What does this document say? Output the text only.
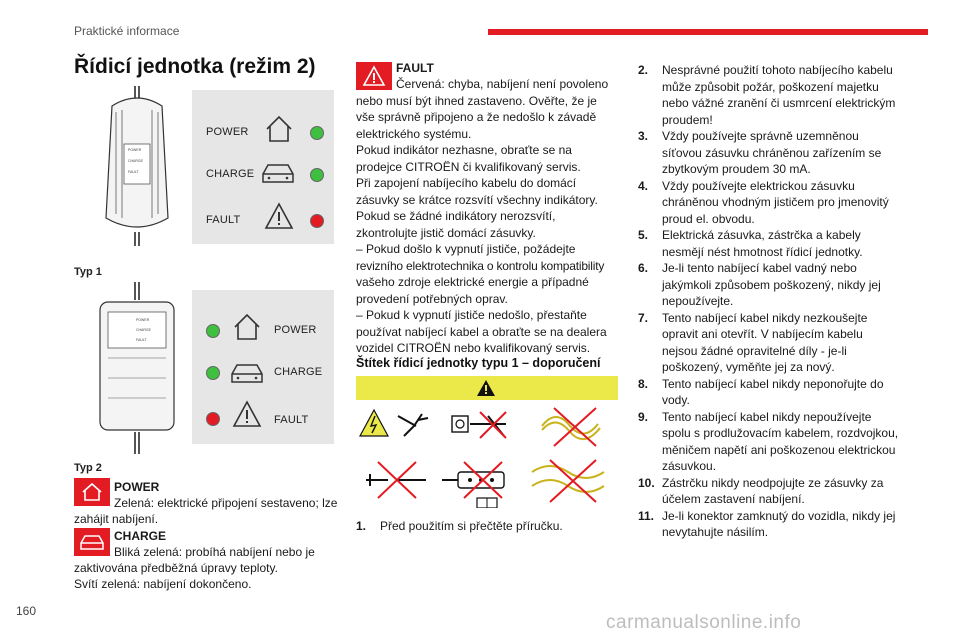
Praktické informace
Řídicí jednotka (režim 2)
POWER
CHARGE
FAULT
POWER
CHARGE
FAULT
Typ 1
POWER
CHARGE
FAULT
POWER
CHARGE
FAULT
Typ 2
POWER
Zelená: elektrické připojení sestaveno; lze
zahájit nabíjení.
CHARGE
Bliká zelená: probíhá nabíjení nebo je
zaktivována předběžná úpravy teploty.
Svítí zelená: nabíjení dokončeno.
FAULT
Červená: chyba, nabíjení není povoleno
nebo musí být ihned zastaveno. Ověřte, že je
vše správně připojeno a že nedošlo k závadě
elektrického systému.
Pokud indikátor nezhasne, obraťte se na
prodejce CITROËN či kvalifikovaný servis.
Při zapojení nabíjecího kabelu do domácí
zásuvky se krátce rozsvítí všechny indikátory.
Pokud se žádné indikátory nerozsvítí,
zkontrolujte jistič domácí zásuvky.
– Pokud došlo k vypnutí jističe, požádejte
revizního elektrotechnika o kontrolu kompatibility
vašeho zdroje elektrické energie a případné
provedení potřebných oprav.
– Pokud k vypnutí jističe nedošlo, přestaňte
používat nabíjecí kabel a obraťte se na dealera
vozidel CITROËN nebo kvalifikovaný servis.
Štítek řídicí jednotky typu 1 – doporučení
1.	Před použitím si přečtěte příručku.
2.	Nesprávné použití tohoto nabíjecího kabelu
může způsobit požár, poškození majetku
nebo vážné zranění či usmrcení elektrickým
proudem!
3.	Vždy používejte správně uzemněnou
síťovou zásuvku chráněnou zařízením se
zbytkovým proudem 30 mA.
4.	Vždy používejte elektrickou zásuvku
chráněnou vhodným jističem pro jmenovitý
proud el. obvodu.
5.	Elektrická zásuvka, zástrčka a kabely
nesmějí nést hmotnost řídicí jednotky.
6.	Je-li tento nabíjecí kabel vadný nebo
jakýmkoli způsobem poškozený, nikdy jej
nepoužívejte.
7.	Tento nabíjecí kabel nikdy nezkoušejte
opravit ani otevřít. V nabíjecím kabelu
nejsou žádné opravitelné díly - je-li
poškozený, vyměňte jej za nový.
8.	Tento nabíjecí kabel nikdy neponořujte do
vody.
9.	Tento nabíjecí kabel nikdy nepoužívejte
spolu s prodlužovacím kabelem, rozdvojkou,
měničem napětí ani poškozenou elektrickou
zásuvkou.
10. Zástrčku nikdy neodpojujte ze zásuvky za
účelem zastavení nabíjení.
11. Je-li konektor zamknutý do vozidla, nikdy jej
nevytahujte násilím.
160
carmanualsonline.info
